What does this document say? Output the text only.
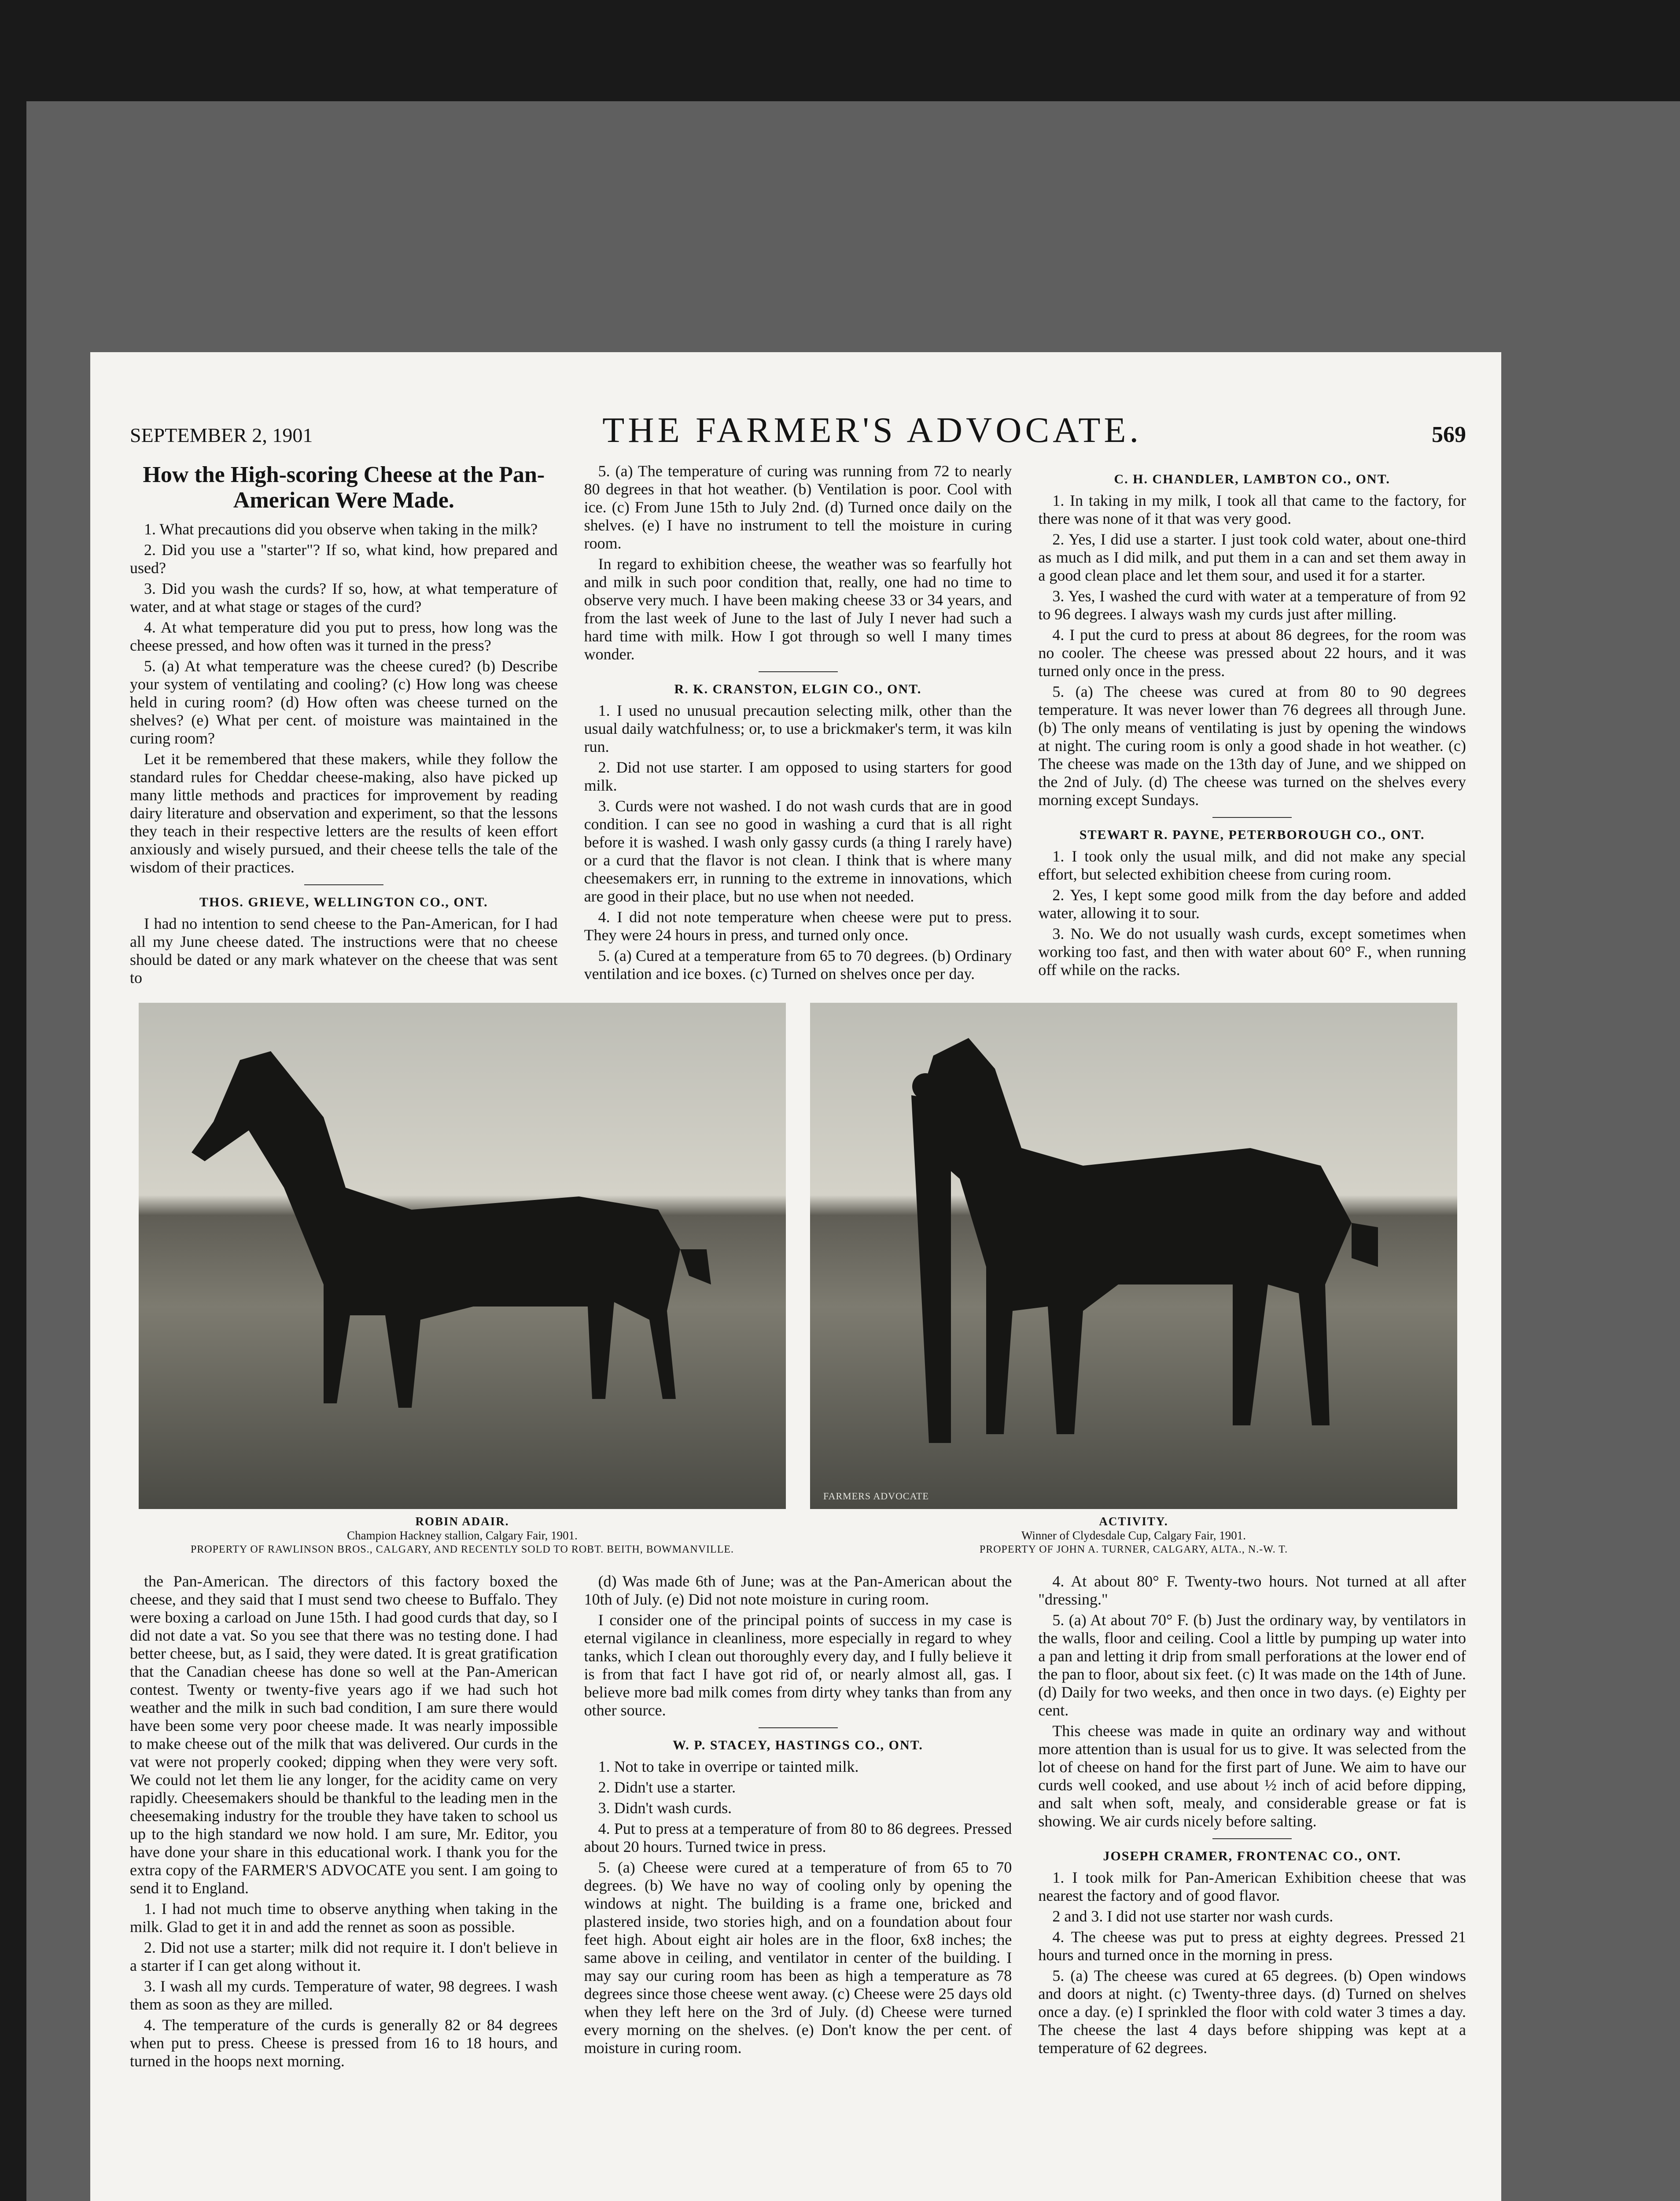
SEPTEMBER 2, 1901	THE FARMER'S ADVOCATE.	569
How the High-scoring Cheese at the Pan-American Were Made.

1. What precautions did you observe when taking in the milk?

2. Did you use a "starter"? If so, what kind, how prepared and used?

3. Did you wash the curds? If so, how, at what temperature of water, and at what stage or stages of the curd?

4. At what temperature did you put to press, how long was the cheese pressed, and how often was it turned in the press?

5. (a) At what temperature was the cheese cured? (b) Describe your system of ventilating and cooling? (c) How long was cheese held in curing room? (d) How often was cheese turned on the shelves? (e) What per cent. of moisture was maintained in the curing room?

Let it be remembered that these makers, while they follow the standard rules for Cheddar cheese-making, also have picked up many little methods and practices for improvement by reading dairy literature and observation and experiment, so that the lessons they teach in their respective letters are the results of keen effort anxiously and wisely pursued, and their cheese tells the tale of the wisdom of their practices.

THOS. GRIEVE, WELLINGTON CO., ONT.

I had no intention to send cheese to the Pan-American, for I had all my June cheese dated. The instructions were that no cheese should be dated or any mark whatever on the cheese that was sent to

5. (a) The temperature of curing was running from 72 to nearly 80 degrees in that hot weather. (b) Ventilation is poor. Cool with ice. (c) From June 15th to July 2nd. (d) Turned once daily on the shelves. (e) I have no instrument to tell the moisture in curing room.

In regard to exhibition cheese, the weather was so fearfully hot and milk in such poor condition that, really, one had no time to observe very much. I have been making cheese 33 or 34 years, and from the last week of June to the last of July I never had such a hard time with milk. How I got through so well I many times wonder.

R. K. CRANSTON, ELGIN CO., ONT.

1. I used no unusual precaution selecting milk, other than the usual daily watchfulness; or, to use a brickmaker's term, it was kiln run.

2. Did not use starter. I am opposed to using starters for good milk.

3. Curds were not washed. I do not wash curds that are in good condition. I can see no good in washing a curd that is all right before it is washed. I wash only gassy curds (a thing I rarely have) or a curd that the flavor is not clean. I think that is where many cheesemakers err, in running to the extreme in innovations, which are good in their place, but no use when not needed.

4. I did not note temperature when cheese were put to press. They were 24 hours in press, and turned only once.

5. (a) Cured at a temperature from 65 to 70 degrees. (b) Ordinary ventilation and ice boxes. (c) Turned on shelves once per day.

C. H. CHANDLER, LAMBTON CO., ONT.

1. In taking in my milk, I took all that came to the factory, for there was none of it that was very good.

2. Yes, I did use a starter. I just took cold water, about one-third as much as I did milk, and put them in a can and set them away in a good clean place and let them sour, and used it for a starter.

3. Yes, I washed the curd with water at a temperature of from 92 to 96 degrees. I always wash my curds just after milling.

4. I put the curd to press at about 86 degrees, for the room was no cooler. The cheese was pressed about 22 hours, and it was turned only once in the press.

5. (a) The cheese was cured at from 80 to 90 degrees temperature. It was never lower than 76 degrees all through June. (b) The only means of ventilating is just by opening the windows at night. The curing room is only a good shade in hot weather. (c) The cheese was made on the 13th day of June, and we shipped on the 2nd of July. (d) The cheese was turned on the shelves every morning except Sundays.

STEWART R. PAYNE, PETERBOROUGH CO., ONT.

1. I took only the usual milk, and did not make any special effort, but selected exhibition cheese from curing room.

2. Yes, I kept some good milk from the day before and added water, allowing it to sour.

3. No. We do not usually wash curds, except sometimes when working too fast, and then with water about 60° F., when running off while on the racks.

ROBIN ADAIR.
Champion Hackney stallion, Calgary Fair, 1901.
PROPERTY OF RAWLINSON BROS., CALGARY, AND RECENTLY SOLD TO ROBT. BEITH, BOWMANVILLE.
FARMERS ADVOCATE
ACTIVITY.
Winner of Clydesdale Cup, Calgary Fair, 1901.
PROPERTY OF JOHN A. TURNER, CALGARY, ALTA., N.-W. T.

the Pan-American. The directors of this factory boxed the cheese, and they said that I must send two cheese to Buffalo. They were boxing a carload on June 15th. I had good curds that day, so I did not date a vat. So you see that there was no testing done. I had better cheese, but, as I said, they were dated. It is great gratification that the Canadian cheese has done so well at the Pan-American contest. Twenty or twenty-five years ago if we had such hot weather and the milk in such bad condition, I am sure there would have been some very poor cheese made. It was nearly impossible to make cheese out of the milk that was delivered. Our curds in the vat were not properly cooked; dipping when they were very soft. We could not let them lie any longer, for the acidity came on very rapidly. Cheesemakers should be thankful to the leading men in the cheesemaking industry for the trouble they have taken to school us up to the high standard we now hold. I am sure, Mr. Editor, you have done your share in this educational work. I thank you for the extra copy of the FARMER'S ADVOCATE you sent. I am going to send it to England.

1. I had not much time to observe anything when taking in the milk. Glad to get it in and add the rennet as soon as possible.

2. Did not use a starter; milk did not require it. I don't believe in a starter if I can get along without it.

3. I wash all my curds. Temperature of water, 98 degrees. I wash them as soon as they are milled.

4. The temperature of the curds is generally 82 or 84 degrees when put to press. Cheese is pressed from 16 to 18 hours, and turned in the hoops next morning.

(d) Was made 6th of June; was at the Pan-American about the 10th of July. (e) Did not note moisture in curing room.

I consider one of the principal points of success in my case is eternal vigilance in cleanliness, more especially in regard to whey tanks, which I clean out thoroughly every day, and I fully believe it is from that fact I have got rid of, or nearly almost all, gas. I believe more bad milk comes from dirty whey tanks than from any other source.

W. P. STACEY, HASTINGS CO., ONT.

1. Not to take in overripe or tainted milk.

2. Didn't use a starter.

3. Didn't wash curds.

4. Put to press at a temperature of from 80 to 86 degrees. Pressed about 20 hours. Turned twice in press.

5. (a) Cheese were cured at a temperature of from 65 to 70 degrees. (b) We have no way of cooling only by opening the windows at night. The building is a frame one, bricked and plastered inside, two stories high, and on a foundation about four feet high. About eight air holes are in the floor, 6x8 inches; the same above in ceiling, and ventilator in center of the building. I may say our curing room has been as high a temperature as 78 degrees since those cheese went away. (c) Cheese were 25 days old when they left here on the 3rd of July. (d) Cheese were turned every morning on the shelves. (e) Don't know the per cent. of moisture in curing room.

4. At about 80° F. Twenty-two hours. Not turned at all after "dressing."

5. (a) At about 70° F. (b) Just the ordinary way, by ventilators in the walls, floor and ceiling. Cool a little by pumping up water into a pan and letting it drip from small perforations at the lower end of the pan to floor, about six feet. (c) It was made on the 14th of June. (d) Daily for two weeks, and then once in two days. (e) Eighty per cent.

This cheese was made in quite an ordinary way and without more attention than is usual for us to give. It was selected from the lot of cheese on hand for the first part of June. We aim to have our curds well cooked, and use about ½ inch of acid before dipping, and salt when soft, mealy, and considerable grease or fat is showing. We air curds nicely before salting.

JOSEPH CRAMER, FRONTENAC CO., ONT.

1. I took milk for Pan-American Exhibition cheese that was nearest the factory and of good flavor.

2 and 3. I did not use starter nor wash curds.

4. The cheese was put to press at eighty degrees. Pressed 21 hours and turned once in the morning in press.

5. (a) The cheese was cured at 65 degrees. (b) Open windows and doors at night. (c) Twenty-three days. (d) Turned on shelves once a day. (e) I sprinkled the floor with cold water 3 times a day. The cheese the last 4 days before shipping was kept at a temperature of 62 degrees.
